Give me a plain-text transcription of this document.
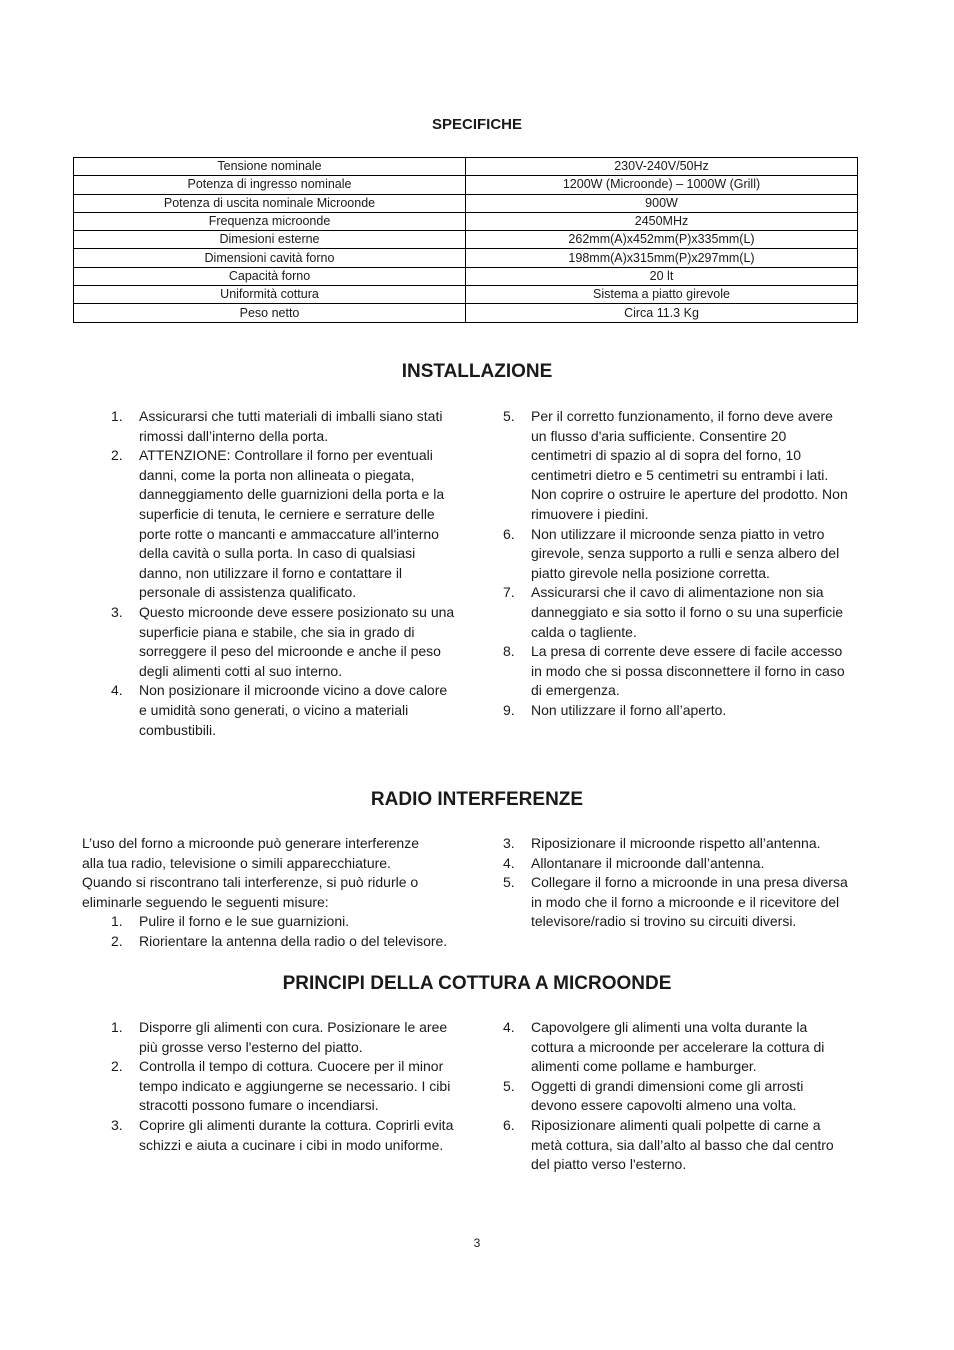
SPECIFICHE
Tensione nominale	230V-240V/50Hz
Potenza di ingresso nominale	1200W (Microonde) – 1000W (Grill)
Potenza di uscita nominale Microonde	900W
Frequenza microonde	2450MHz
Dimesioni esterne	262mm(A)x452mm(P)x335mm(L)
Dimensioni cavità forno	198mm(A)x315mm(P)x297mm(L)
Capacità forno	20 lt
Uniformità cottura	Sistema a piatto girevole
Peso netto	Circa 11.3 Kg
INSTALLAZIONE
1. Assicurarsi che tutti materiali di imballi siano stati rimossi dall’interno della porta.
2. ATTENZIONE: Controllare il forno per eventuali danni, come la porta non allineata o piegata, danneggiamento delle guarnizioni della porta e la superficie di tenuta, le cerniere e serrature delle porte rotte o mancanti e ammaccature all'interno della cavità o sulla porta. In caso di qualsiasi danno, non utilizzare il forno e contattare il personale di assistenza qualificato.
3. Questo microonde deve essere posizionato su una superficie piana e stabile, che sia in grado di sorreggere il peso del microonde e anche il peso degli alimenti cotti al suo interno.
4. Non posizionare il microonde vicino a dove calore e umidità sono generati, o vicino a materiali combustibili.
5. Per il corretto funzionamento, il forno deve avere un flusso d'aria sufficiente. Consentire 20 centimetri di spazio al di sopra del forno, 10 centimetri dietro e 5 centimetri su entrambi i lati. Non coprire o ostruire le aperture del prodotto. Non rimuovere i piedini.
6. Non utilizzare il microonde senza piatto in vetro girevole, senza supporto a rulli e senza albero del piatto girevole nella posizione corretta.
7. Assicurarsi che il cavo di alimentazione non sia danneggiato e sia sotto il forno o su una superficie calda o tagliente.
8. La presa di corrente deve essere di facile accesso in modo che si possa disconnettere il forno in caso di emergenza.
9. Non utilizzare il forno all’aperto.
RADIO INTERFERENZE

L’uso del forno a microonde può generare interferenze alla tua radio, televisione o simili apparecchiature. Quando si riscontrano tali interferenze, si può ridurle o eliminarle seguendo le seguenti misure:

1. Pulire il forno e le sue guarnizioni.
2. Riorientare la antenna della radio o del televisore.
3. Riposizionare il microonde rispetto all’antenna.
4. Allontanare il microonde dall’antenna.
5. Collegare il forno a microonde in una presa diversa in modo che il forno a microonde e il ricevitore del televisore/radio si trovino su circuiti diversi.
PRINCIPI DELLA COTTURA A MICROONDE
1. Disporre gli alimenti con cura. Posizionare le aree più grosse verso l'esterno del piatto.
2. Controlla il tempo di cottura. Cuocere per il minor tempo indicato e aggiungerne se necessario. I cibi stracotti possono fumare o incendiarsi.
3. Coprire gli alimenti durante la cottura. Coprirli evita schizzi e aiuta a cucinare i cibi in modo uniforme.
4. Capovolgere gli alimenti una volta durante la cottura a microonde per accelerare la cottura di alimenti come pollame e hamburger.
5. Oggetti di grandi dimensioni come gli arrosti devono essere capovolti almeno una volta.
6. Riposizionare alimenti quali polpette di carne a metà cottura, sia dall’alto al basso che dal centro del piatto verso l'esterno.
3
